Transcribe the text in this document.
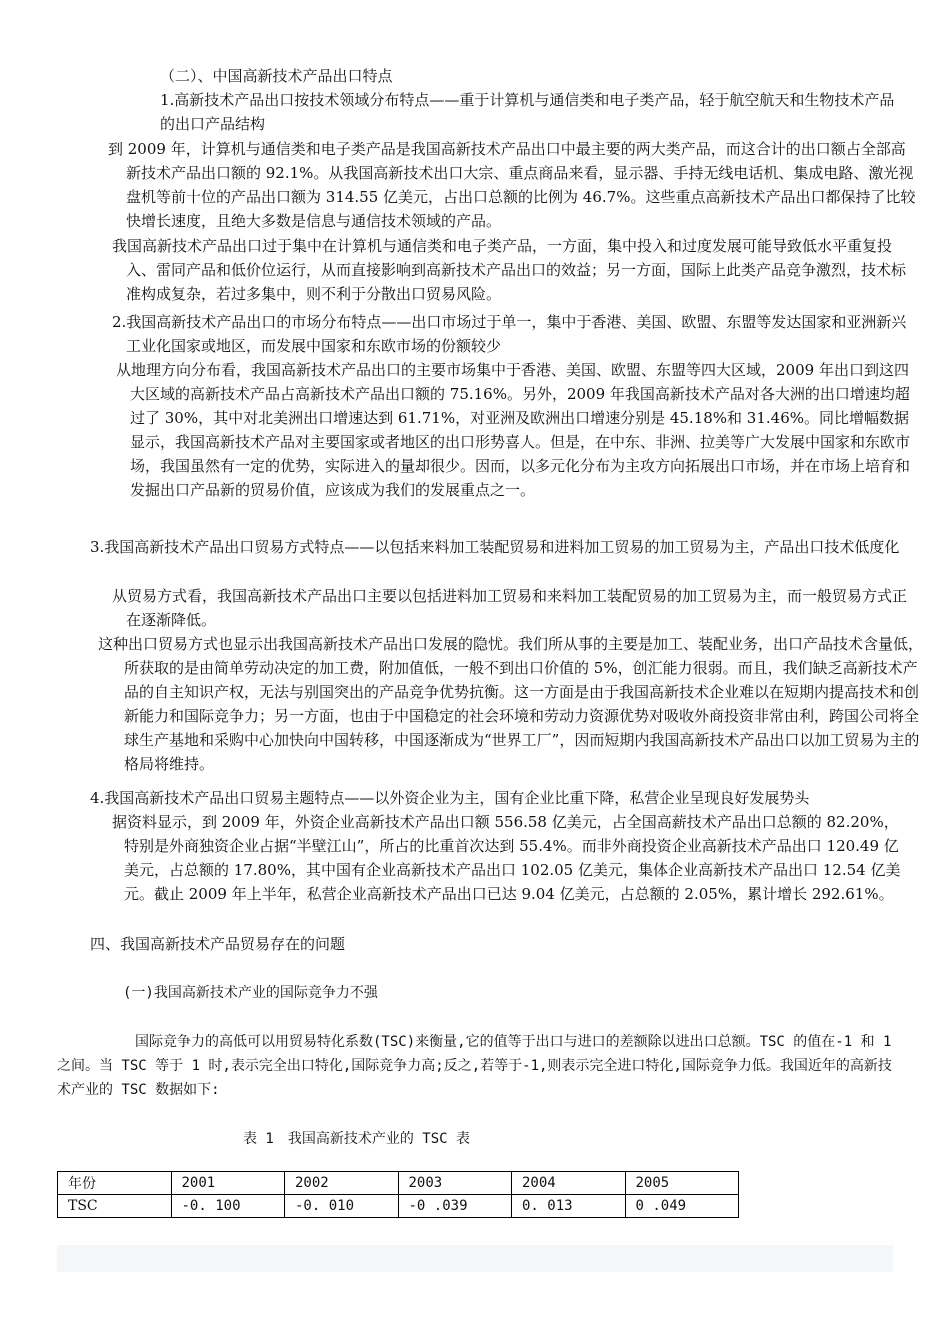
（二）、中国高新技术产品出口特点

1.高新技术产品出口按技术领域分布特点——重于计算机与通信类和电子类产品，轻于航空航天和生物技术产品的出口产品结构

到 2009 年，计算机与通信类和电子类产品是我国高新技术产品出口中最主要的两大类产品，而这合计的出口额占全部高新技术产品出口额的 92.1%。从我国高新技术出口大宗、重点商品来看，显示器、手持无线电话机、集成电路、激光视盘机等前十位的产品出口额为 314.55 亿美元，占出口总额的比例为 46.7%。这些重点高新技术产品出口都保持了比较快增长速度，且绝大多数是信息与通信技术领域的产品。

我国高新技术产品出口过于集中在计算机与通信类和电子类产品，一方面，集中投入和过度发展可能导致低水平重复投入、雷同产品和低价位运行，从而直接影响到高新技术产品出口的效益；另一方面，国际上此类产品竞争激烈，技术标准构成复杂，若过多集中，则不利于分散出口贸易风险。

2.我国高新技术产品出口的市场分布特点——出口市场过于单一，集中于香港、美国、欧盟、东盟等发达国家和亚洲新兴工业化国家或地区，而发展中国家和东欧市场的份额较少

从地理方向分布看，我国高新技术产品出口的主要市场集中于香港、美国、欧盟、东盟等四大区域，2009 年出口到这四大区域的高新技术产品占高新技术产品出口额的 75.16%。另外，2009 年我国高新技术产品对各大洲的出口增速均超过了 30%，其中对北美洲出口增速达到 61.71%，对亚洲及欧洲出口增速分别是 45.18%和 31.46%。同比增幅数据显示，我国高新技术产品对主要国家或者地区的出口形势喜人。但是，在中东、非洲、拉美等广大发展中国家和东欧市场，我国虽然有一定的优势，实际进入的量却很少。因而，以多元化分布为主攻方向拓展出口市场，并在市场上培育和发掘出口产品新的贸易价值，应该成为我们的发展重点之一。

3.我国高新技术产品出口贸易方式特点——以包括来料加工装配贸易和进料加工贸易的加工贸易为主，产品出口技术低度化

从贸易方式看，我国高新技术产品出口主要以包括进料加工贸易和来料加工装配贸易的加工贸易为主，而一般贸易方式正在逐渐降低。

这种出口贸易方式也显示出我国高新技术产品出口发展的隐忧。我们所从事的主要是加工、装配业务，出口产品技术含量低，所获取的是由简单劳动决定的加工费，附加值低，一般不到出口价值的 5%，创汇能力很弱。而且，我们缺乏高新技术产品的自主知识产权，无法与别国突出的产品竞争优势抗衡。这一方面是由于我国高新技术企业难以在短期内提高技术和创新能力和国际竞争力；另一方面，也由于中国稳定的社会环境和劳动力资源优势对吸收外商投资非常由利，跨国公司将全球生产基地和采购中心加快向中国转移，中国逐渐成为“世界工厂”，因而短期内我国高新技术产品出口以加工贸易为主的格局将维持。

4.我国高新技术产品出口贸易主题特点——以外资企业为主，国有企业比重下降，私营企业呈现良好发展势头

据资料显示，到 2009 年，外资企业高新技术产品出口额 556.58 亿美元，占全国高薪技术产品出口总额的 82.20%，特别是外商独资企业占据“半壁江山”，所占的比重首次达到 55.4%。而非外商投资企业高新技术产品出口 120.49 亿美元，占总额的 17.80%，其中国有企业高新技术产品出口 102.05 亿美元，集体企业高新技术产品出口 12.54 亿美元。截止 2009 年上半年，私营企业高新技术产品出口已达 9.04 亿美元，占总额的 2.05%，累计增长 292.61%。

四、我国高新技术产品贸易存在的问题

(一)我国高新技术产业的国际竞争力不强

国际竞争力的高低可以用贸易特化系数(TSC)来衡量,它的值等于出口与进口的差额除以进出口总额。TSC 的值在-1 和 1 之间。当 TSC 等于 1 时,表示完全出口特化,国际竞争力高;反之,若等于-1,则表示完全进口特化,国际竞争力低。我国近年的高新技术产业的 TSC 数据如下:

表 1　我国高新技术产业的 TSC 表

年份	2001	2002	2003	2004	2005
TSC	-0. 100	-0. 010	-0 .039	0. 013	0 .049
